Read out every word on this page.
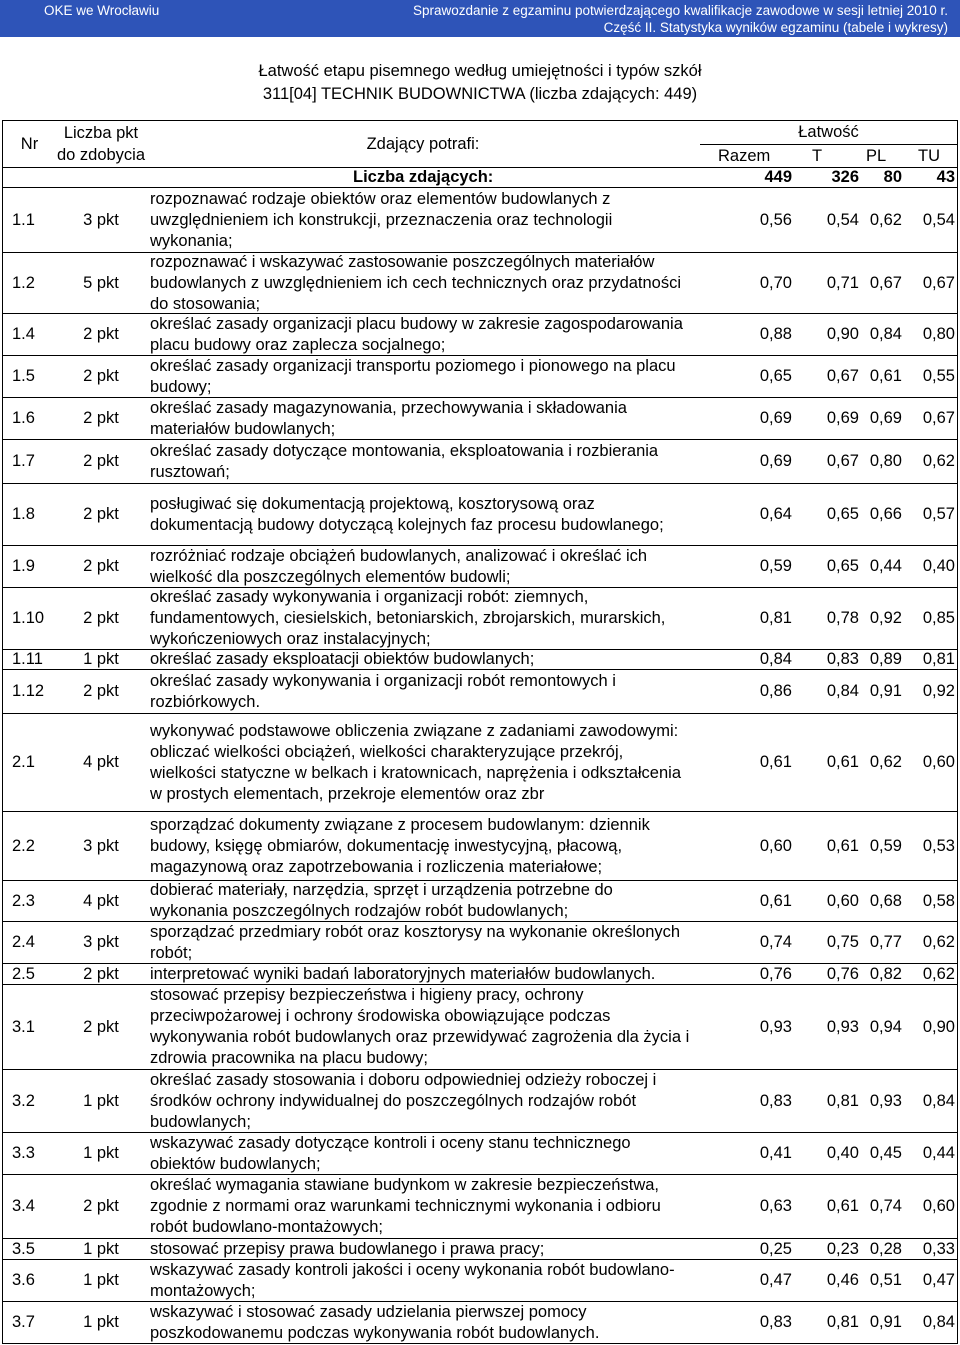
OKE we Wrocławiu	Sprawozdanie z egzaminu potwierdzającego kwalifikacje zawodowe w sesji letniej 2010 r.
Część II. Statystyka wyników egzaminu (tabele i wykresy)
Łatwość etapu pisemnego według umiejętności i typów szkół
311[04] TECHNIK BUDOWNICTWA (liczba zdających: 449)
Nr
Liczba pkt
do zdobycia
Zdający potrafi:
Łatwość
Razem	T	PL	TU
Liczba zdających:	449	326	80	43
1.1	3 pkt
rozpoznawać rodzaje obiektów oraz elementów budowlanych z
uwzględnieniem ich konstrukcji, przeznaczenia oraz technologii
wykonania;
0,56	0,54 0,62	0,54
1.2	5 pkt
rozpoznawać i wskazywać zastosowanie poszczególnych materiałów
budowlanych z uwzględnieniem ich cech technicznych oraz przydatności
do stosowania;
0,70	0,71 0,67	0,67
1.4	2 pkt
określać zasady organizacji placu budowy w zakresie zagospodarowania
placu budowy oraz zaplecza socjalnego;
0,88	0,90 0,84	0,80
1.5	2 pkt
określać zasady organizacji transportu poziomego i pionowego na placu
budowy;
0,65	0,67 0,61	0,55
1.6	2 pkt
określać zasady magazynowania, przechowywania i składowania
materiałów budowlanych;
0,69	0,69 0,69	0,67
1.7	2 pkt
określać zasady dotyczące montowania, eksploatowania i rozbierania
rusztowań;
0,69	0,67 0,80	0,62
1.8	2 pkt
posługiwać się dokumentacją projektową, kosztorysową oraz
dokumentacją budowy dotyczącą kolejnych faz procesu budowlanego;
0,64	0,65 0,66	0,57
1.9	2 pkt
rozróżniać rodzaje obciążeń budowlanych, analizować i określać ich
wielkość dla poszczególnych elementów budowli;
0,59	0,65 0,44	0,40
1.10	2 pkt
określać zasady wykonywania i organizacji robót: ziemnych,
fundamentowych, ciesielskich, betoniarskich, zbrojarskich, murarskich,
wykończeniowych oraz instalacyjnych;
0,81	0,78 0,92	0,85
1.11	1 pkt	określać zasady eksploatacji obiektów budowlanych;	0,84	0,83 0,89	0,81
1.12	2 pkt
określać zasady wykonywania i organizacji robót remontowych i
rozbiórkowych.
0,86	0,84 0,91	0,92
2.1	4 pkt
wykonywać podstawowe obliczenia związane z zadaniami zawodowymi:
obliczać wielkości obciążeń, wielkości charakteryzujące przekrój,
wielkości statyczne w belkach i kratownicach, naprężenia i odkształcenia
w prostych elementach, przekroje elementów oraz zbr
0,61	0,61 0,62	0,60
2.2	3 pkt
sporządzać dokumenty związane z procesem budowlanym: dziennik
budowy, księgę obmiarów, dokumentację inwestycyjną, płacową,
magazynową oraz zapotrzebowania i rozliczenia materiałowe;
0,60	0,61 0,59	0,53
2.3	4 pkt
dobierać materiały, narzędzia, sprzęt i urządzenia potrzebne do
wykonania poszczególnych rodzajów robót budowlanych;
0,61	0,60 0,68	0,58
2.4	3 pkt
sporządzać przedmiary robót oraz kosztorysy na wykonanie określonych
robót;
0,74	0,75 0,77	0,62
2.5	2 pkt	interpretować wyniki badań laboratoryjnych materiałów budowlanych.	0,76	0,76 0,82	0,62
3.1	2 pkt
stosować przepisy bezpieczeństwa i higieny pracy, ochrony
przeciwpożarowej i ochrony środowiska obowiązujące podczas
wykonywania robót budowlanych oraz przewidywać zagrożenia dla życia i
zdrowia pracownika na placu budowy;
0,93	0,93 0,94	0,90
3.2	1 pkt
określać zasady stosowania i doboru odpowiedniej odzieży roboczej i
środków ochrony indywidualnej do poszczególnych rodzajów robót
budowlanych;
0,83	0,81 0,93	0,84
3.3	1 pkt
wskazywać zasady dotyczące kontroli i oceny stanu technicznego
obiektów budowlanych;
0,41	0,40 0,45	0,44
3.4	2 pkt
określać wymagania stawiane budynkom w zakresie bezpieczeństwa,
zgodnie z normami oraz warunkami technicznymi wykonania i odbioru
robót budowlano-montażowych;
0,63	0,61 0,74	0,60
3.5	1 pkt	stosować przepisy prawa budowlanego i prawa pracy;	0,25	0,23 0,28	0,33
3.6	1 pkt
wskazywać zasady kontroli jakości i oceny wykonania robót budowlano-
montażowych;
0,47	0,46 0,51	0,47
3.7	1 pkt
wskazywać i stosować zasady udzielania pierwszej pomocy
poszkodowanemu podczas wykonywania robót budowlanych.
0,83	0,81 0,91	0,84
